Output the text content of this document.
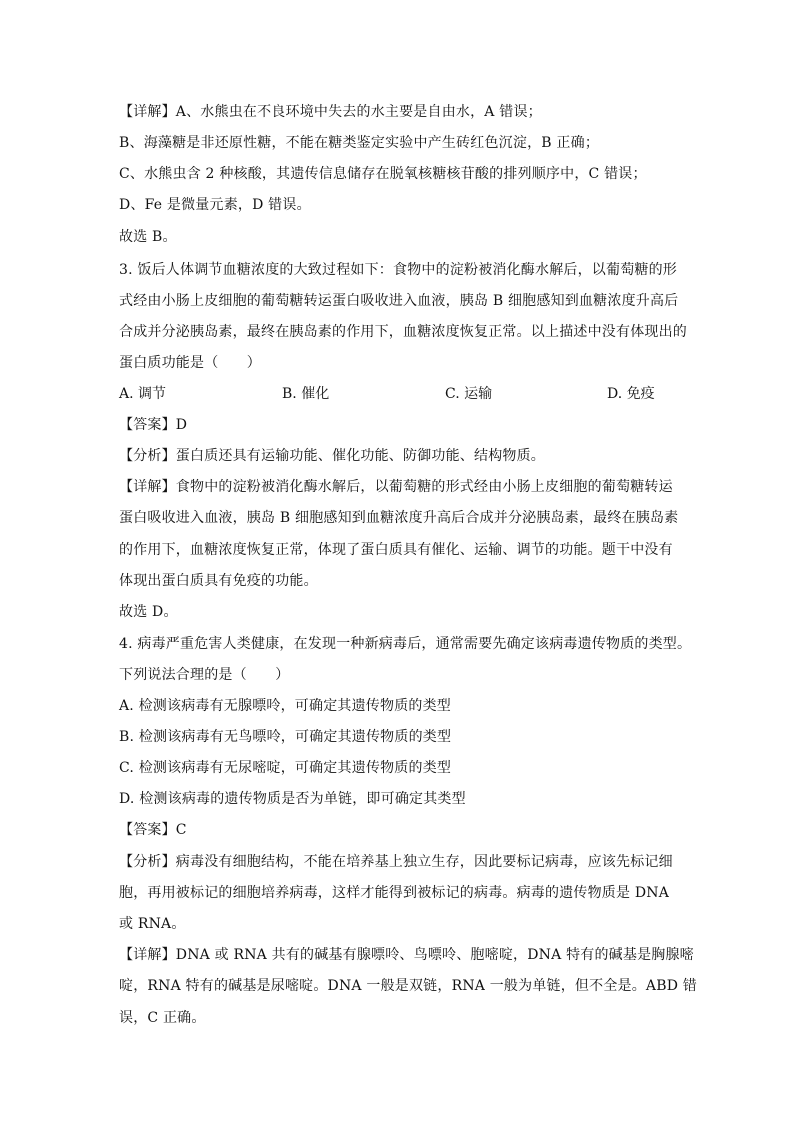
【详解】A、水熊虫在不良环境中失去的水主要是自由水，A 错误；
B、海藻糖是非还原性糖，不能在糖类鉴定实验中产生砖红色沉淀，B 正确；
C、水熊虫含 2 种核酸，其遗传信息储存在脱氧核糖核苷酸的排列顺序中，C 错误；
D、Fe 是微量元素，D 错误。
故选 B。
3. 饭后人体调节血糖浓度的大致过程如下：食物中的淀粉被消化酶水解后，以葡萄糖的形
式经由小肠上皮细胞的葡萄糖转运蛋白吸收进入血液，胰岛 B 细胞感知到血糖浓度升高后
合成并分泌胰岛素，最终在胰岛素的作用下，血糖浓度恢复正常。以上描述中没有体现出的
蛋白质功能是（　　）
A. 调节	B. 催化	C. 运输	D. 免疫
【答案】D
【分析】蛋白质还具有运输功能、催化功能、防御功能、结构物质。
【详解】食物中的淀粉被消化酶水解后，以葡萄糖的形式经由小肠上皮细胞的葡萄糖转运
蛋白吸收进入血液，胰岛 B 细胞感知到血糖浓度升高后合成并分泌胰岛素，最终在胰岛素
的作用下，血糖浓度恢复正常，体现了蛋白质具有催化、运输、调节的功能。题干中没有
体现出蛋白质具有免疫的功能。
故选 D。
4. 病毒严重危害人类健康，在发现一种新病毒后，通常需要先确定该病毒遗传物质的类型。
下列说法合理的是（　　）
A. 检测该病毒有无腺嘌呤，可确定其遗传物质的类型
B. 检测该病毒有无鸟嘌呤，可确定其遗传物质的类型
C. 检测该病毒有无尿嘧啶，可确定其遗传物质的类型
D. 检测该病毒的遗传物质是否为单链，即可确定其类型
【答案】C
【分析】病毒没有细胞结构，不能在培养基上独立生存，因此要标记病毒，应该先标记细
胞，再用被标记的细胞培养病毒，这样才能得到被标记的病毒。病毒的遗传物质是 DNA
或 RNA。
【详解】DNA 或 RNA 共有的碱基有腺嘌呤、鸟嘌呤、胞嘧啶，DNA 特有的碱基是胸腺嘧
啶，RNA 特有的碱基是尿嘧啶。DNA 一般是双链，RNA 一般为单链，但不全是。ABD 错
误，C 正确。
